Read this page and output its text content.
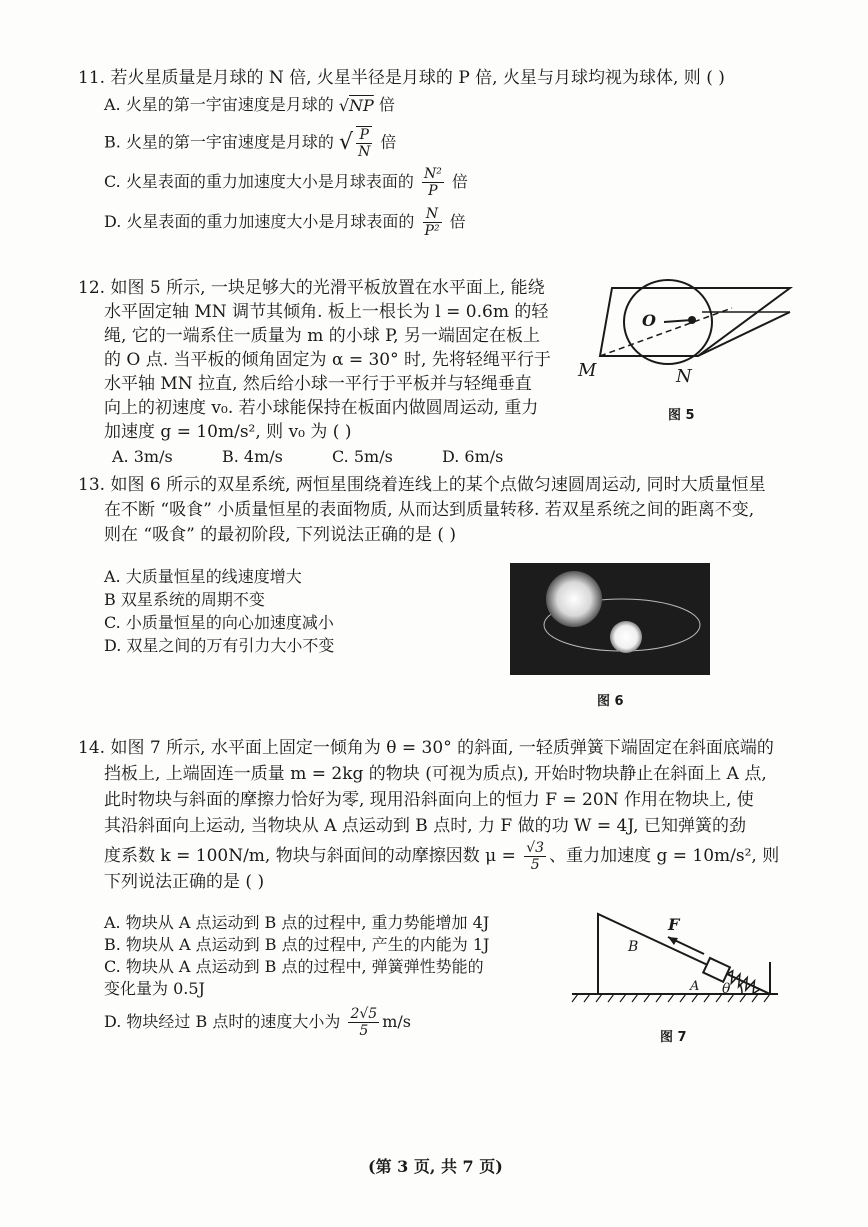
11. 若火星质量是月球的 N 倍, 火星半径是月球的 P 倍, 火星与月球均视为球体, 则 ( )
A. 火星的第一宇宙速度是月球的 √NP 倍
B. 火星的第一宇宙速度是月球的 √ $\frac{P}{N}$ 倍
C. 火星表面的重力加速度大小是月球表面的 $\frac{\text{N²}}{P}$ 倍
D. 火星表面的重力加速度大小是月球表面的 $\frac{N}{\text{P²}}$ 倍
12. 如图 5 所示, 一块足够大的光滑平板放置在水平面上, 能绕
水平固定轴 MN 调节其倾角. 板上一根长为 l = 0.6m 的轻
绳, 它的一端系住一质量为 m 的小球 P, 另一端固定在板上
的 O 点. 当平板的倾角固定为 α = 30° 时, 先将轻绳平行于
水平轴 MN 拉直, 然后给小球一平行于平板并与轻绳垂直
向上的初速度 v₀. 若小球能保持在板面内做圆周运动, 重力
加速度 g = 10m/s², 则 v₀ 为 ( )
A. 3m/s	B. 4m/s	C. 5m/s	D. 6m/s
O
M	N
图 5
13. 如图 6 所示的双星系统, 两恒星围绕着连线上的某个点做匀速圆周运动, 同时大质量恒星
在不断 “吸食” 小质量恒星的表面物质, 从而达到质量转移. 若双星系统之间的距离不变,
则在 “吸食” 的最初阶段, 下列说法正确的是 ( )
A. 大质量恒星的线速度增大
B 双星系统的周期不变
C. 小质量恒星的向心加速度减小
D. 双星之间的万有引力大小不变
图 6
14. 如图 7 所示, 水平面上固定一倾角为 θ = 30° 的斜面, 一轻质弹簧下端固定在斜面底端的
挡板上, 上端固连一质量 m = 2kg 的物块 (可视为质点), 开始时物块静止在斜面上 A 点,
此时物块与斜面的摩擦力恰好为零, 现用沿斜面向上的恒力 F = 20N 作用在物块上, 使
其沿斜面向上运动, 当物块从 A 点运动到 B 点时, 力 F 做的功 W = 4J, 已知弹簧的劲
度系数 k = 100N/m, 物块与斜面间的动摩擦因数 $\mu = \frac{√3}{5}$ 、重力加速度 g = 10m/s², 则
下列说法正确的是 ( )
A. 物块从 A 点运动到 B 点的过程中, 重力势能增加 4J
B. 物块从 A 点运动到 B 点的过程中, 产生的内能为 1J
C. 物块从 A 点运动到 B 点的过程中, 弹簧弹性势能的
变化量为 0.5J
D. 物块经过 B 点时的速度大小为 $\frac{2√5}{5} m/s$
F
B
A θ
图 7
(第 3 页, 共 7 页)
